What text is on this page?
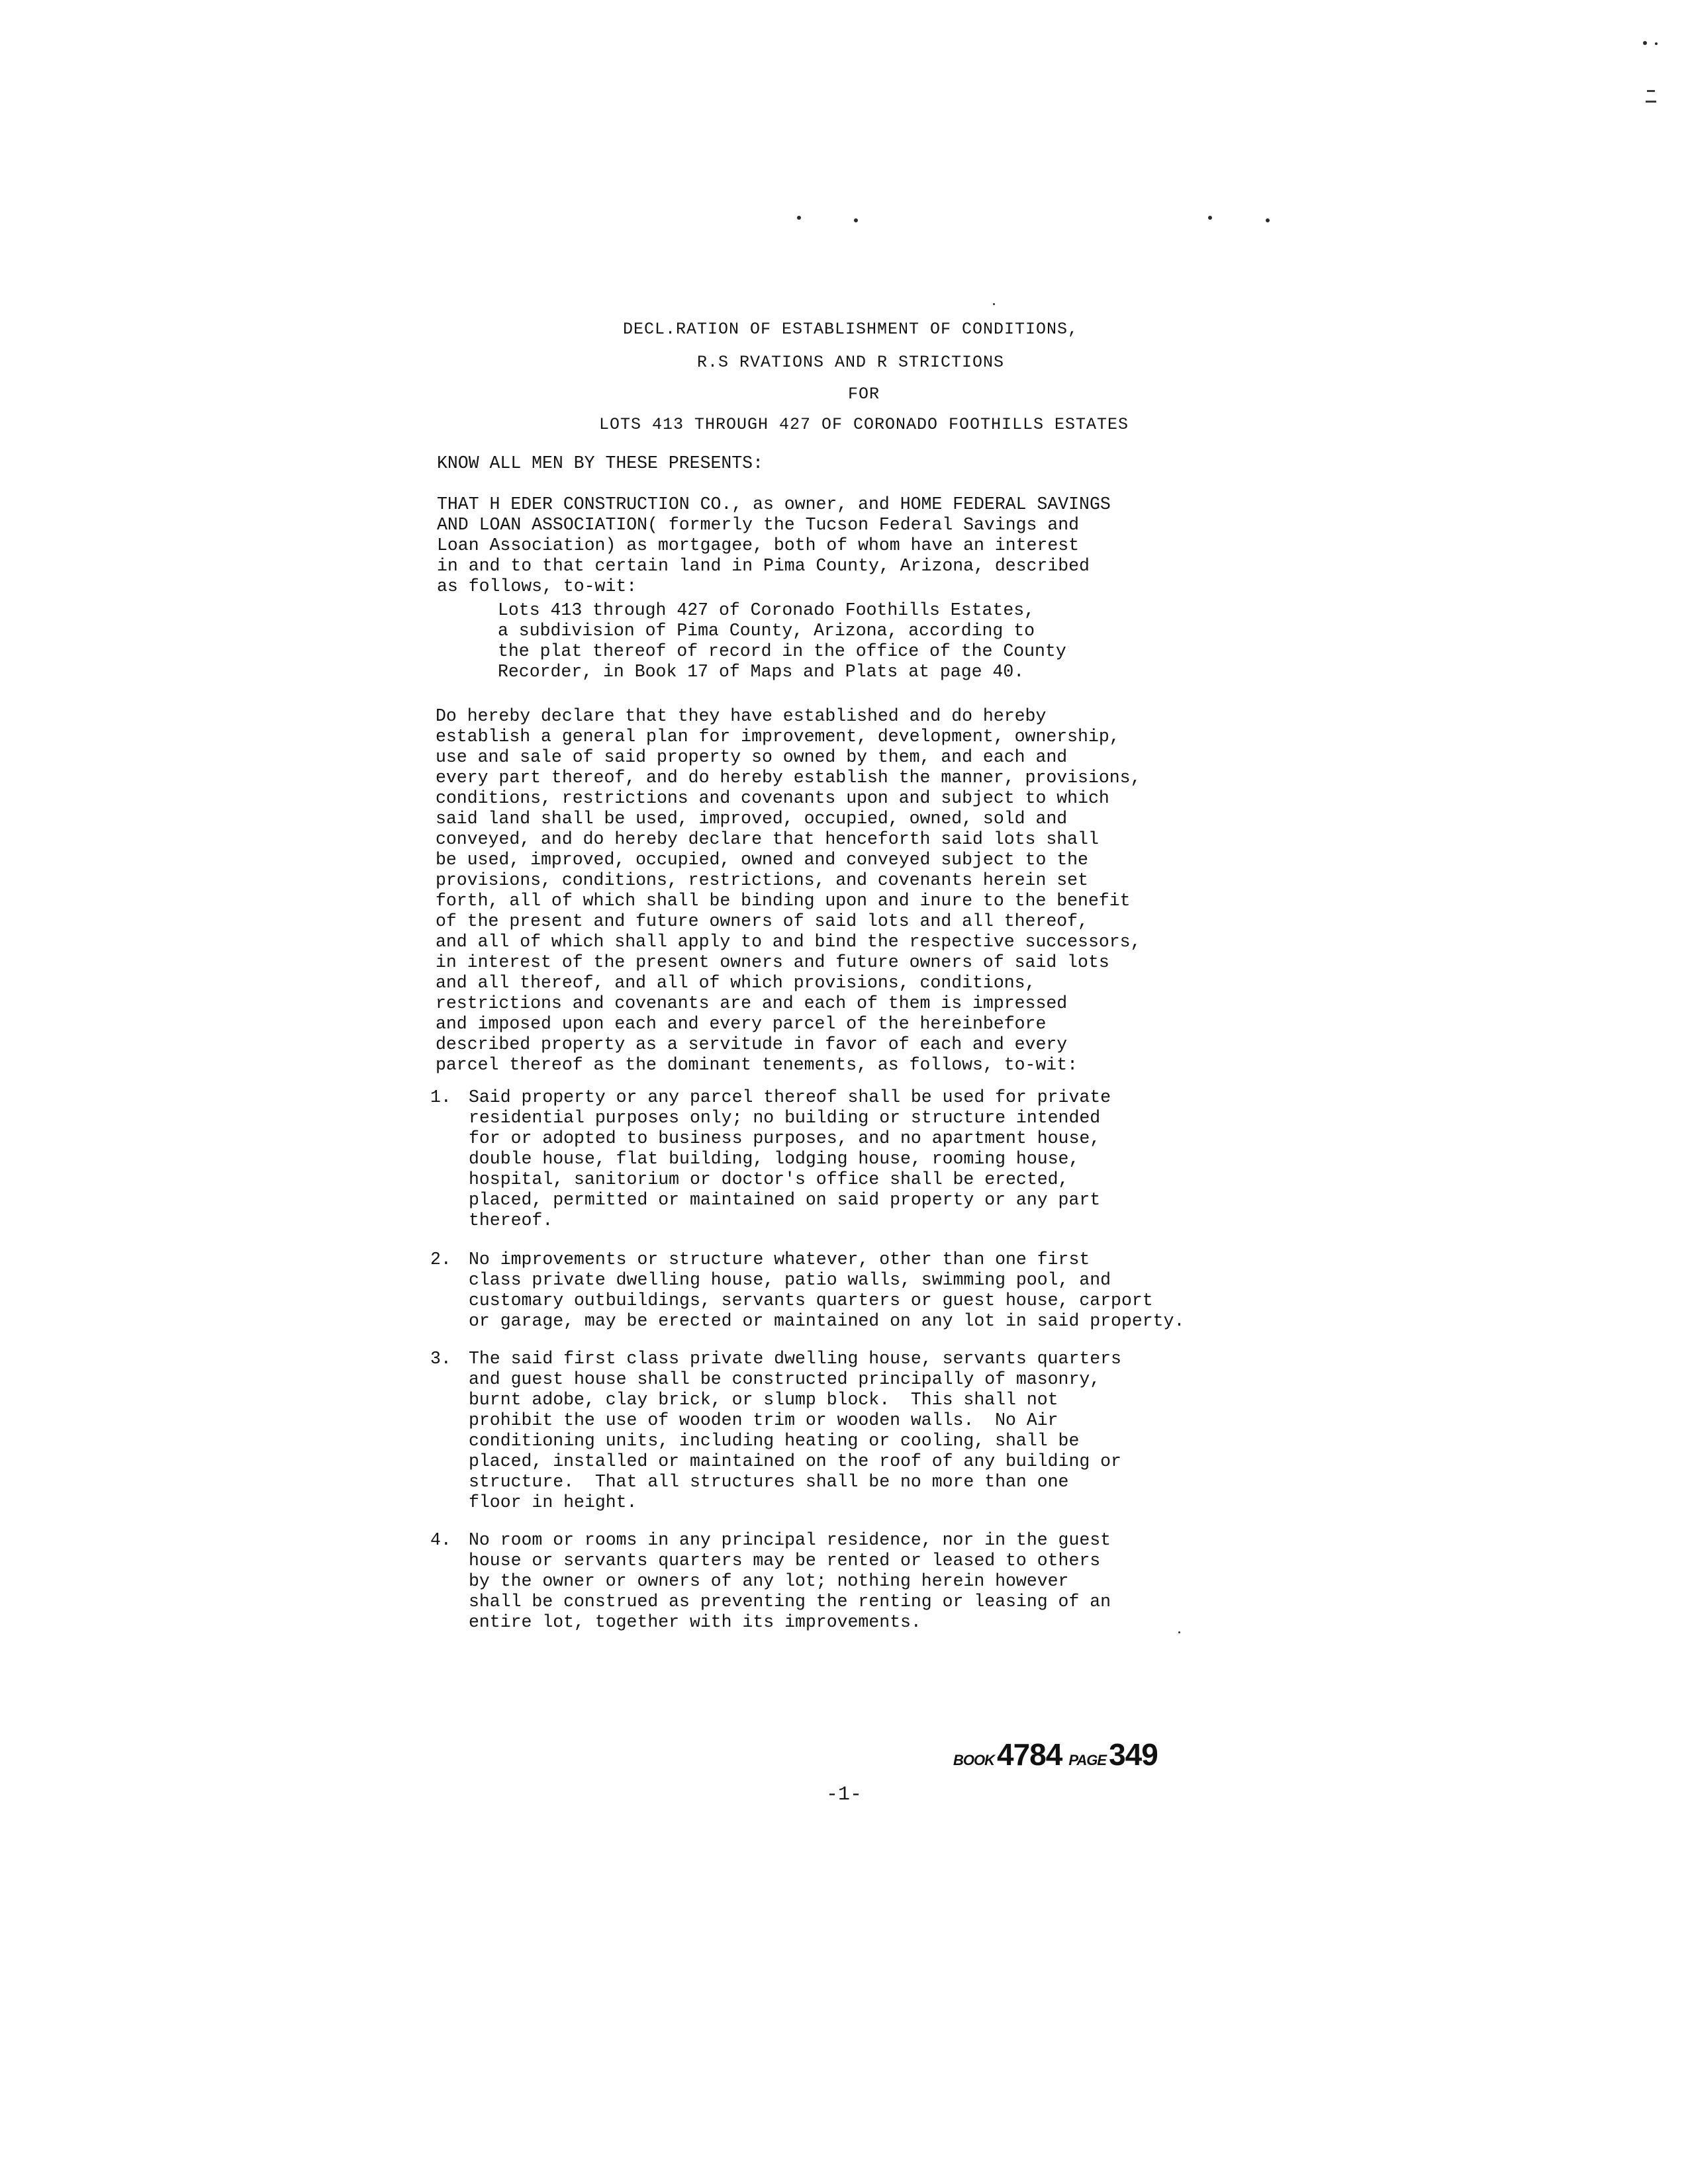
DECL.RATION OF ESTABLISHMENT OF CONDITIONS,
R.S RVATIONS AND R STRICTIONS
FOR
LOTS 413 THROUGH 427 OF CORONADO FOOTHILLS ESTATES
KNOW ALL MEN BY THESE PRESENTS:
THAT H EDER CONSTRUCTION CO., as owner, and HOME FEDERAL SAVINGS
AND LOAN ASSOCIATION( formerly the Tucson Federal Savings and
Loan Association) as mortgagee, both of whom have an interest
in and to that certain land in Pima County, Arizona, described
as follows, to-wit:
Lots 413 through 427 of Coronado Foothills Estates,
a subdivision of Pima County, Arizona, according to
the plat thereof of record in the office of the County
Recorder, in Book 17 of Maps and Plats at page 40.
Do hereby declare that they have established and do hereby
establish a general plan for improvement, development, ownership,
use and sale of said property so owned by them, and each and
every part thereof, and do hereby establish the manner, provisions,
conditions, restrictions and covenants upon and subject to which
said land shall be used, improved, occupied, owned, sold and
conveyed, and do hereby declare that henceforth said lots shall
be used, improved, occupied, owned and conveyed subject to the
provisions, conditions, restrictions, and covenants herein set
forth, all of which shall be binding upon and inure to the benefit
of the present and future owners of said lots and all thereof,
and all of which shall apply to and bind the respective successors,
in interest of the present owners and future owners of said lots
and all thereof, and all of which provisions, conditions,
restrictions and covenants are and each of them is impressed
and imposed upon each and every parcel of the hereinbefore
described property as a servitude in favor of each and every
parcel thereof as the dominant tenements, as follows, to-wit:
1. Said property or any parcel thereof shall be used for private
residential purposes only; no building or structure intended
for or adopted to business purposes, and no apartment house,
double house, flat building, lodging house, rooming house,
hospital, sanitorium or doctor's office shall be erected,
placed, permitted or maintained on said property or any part
thereof.
2. No improvements or structure whatever, other than one first
class private dwelling house, patio walls, swimming pool, and
customary outbuildings, servants quarters or guest house, carport
or garage, may be erected or maintained on any lot in said property.
3. The said first class private dwelling house, servants quarters
and guest house shall be constructed principally of masonry,
burnt adobe, clay brick, or slump block.  This shall not
prohibit the use of wooden trim or wooden walls.  No Air
conditioning units, including heating or cooling, shall be
placed, installed or maintained on the roof of any building or
structure.  That all structures shall be no more than one
floor in height.
4. No room or rooms in any principal residence, nor in the guest
house or servants quarters may be rented or leased to others
by the owner or owners of any lot; nothing herein however
shall be construed as preventing the renting or leasing of an
entire lot, together with its improvements.
BOOK4784 PAGE349
-1-
